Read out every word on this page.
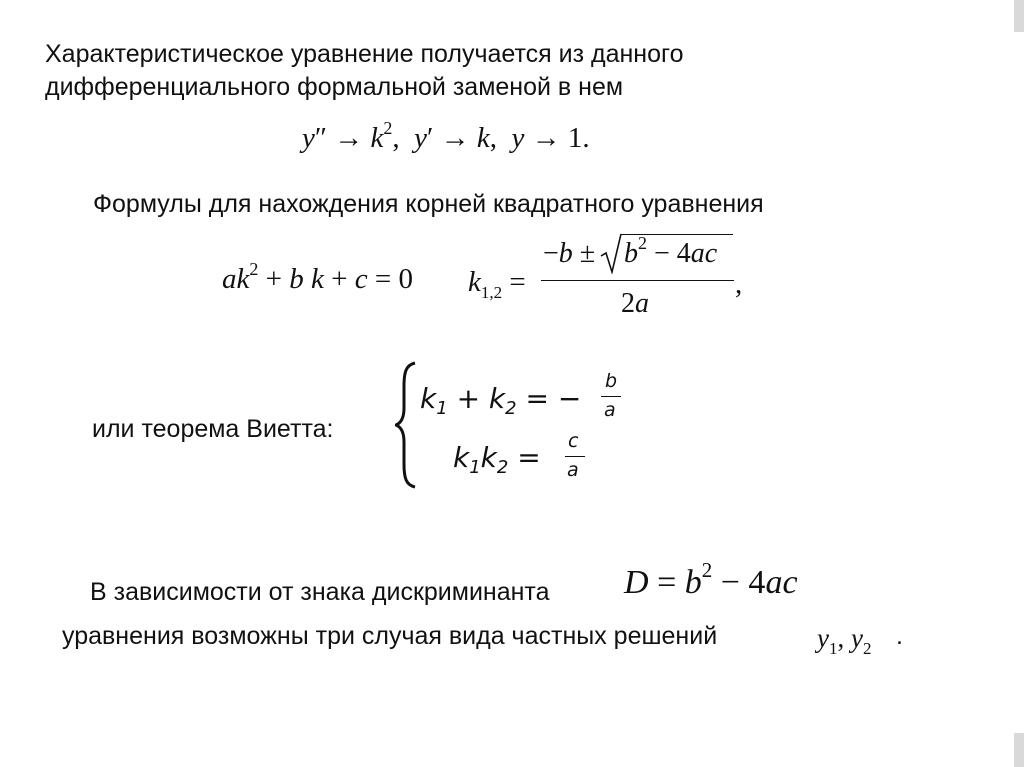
Характеристическое уравнение получается из данного
дифференциального формальной заменой в нем
$y'' \to k^2$,  y′ → k,  y → 1.
Формулы для нахождения корней квадратного уравнения
$ak^2 + b$ k + c = 0 $k_{1,2}$ =
$-b \pm b^2 - 4ac$
2a
,
или теорема Виетта:
$k_1 + k_2$ = −
b
a
$k_1k_2 = c$
a
В зависимости от знака дискриминанта $D = b^2 - 4ac$
уравнения возможны три случая вида частных решений	$y_1$, $y_2$ .
